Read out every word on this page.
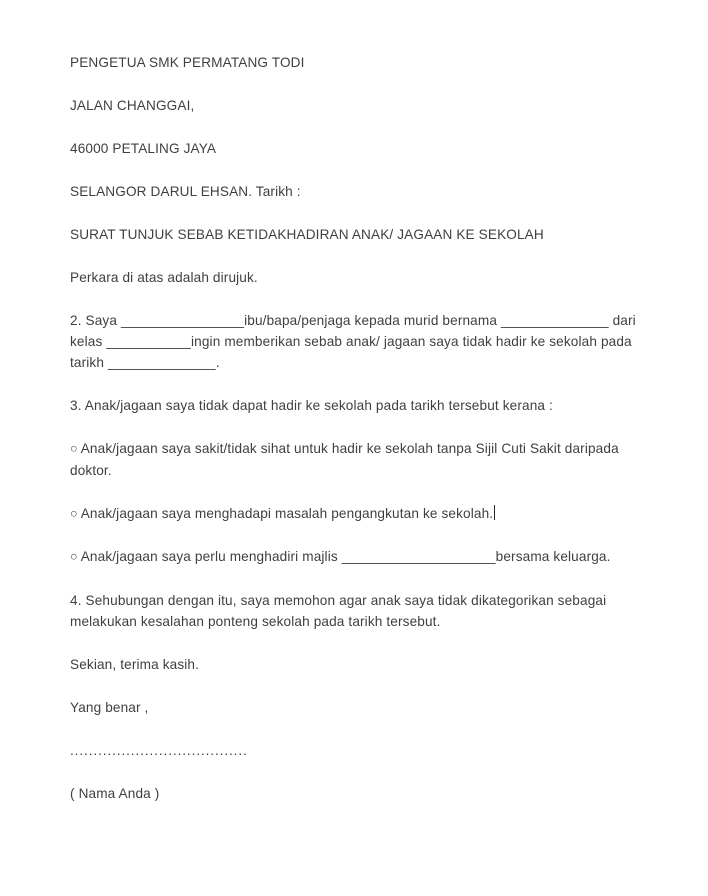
PENGETUA SMK PERMATANG TODI
JALAN CHANGGAI,
46000 PETALING JAYA
SELANGOR DARUL EHSAN. Tarikh :
SURAT TUNJUK SEBAB KETIDAKHADIRAN ANAK/ JAGAAN KE SEKOLAH
Perkara di atas adalah dirujuk.
2. Saya ________________ibu/bapa/penjaga kepada murid bernama ______________ dari kelas ___________ingin memberikan sebab anak/ jagaan saya tidak hadir ke sekolah pada tarikh ______________.
3. Anak/jagaan saya tidak dapat hadir ke sekolah pada tarikh tersebut kerana :
○ Anak/jagaan saya sakit/tidak sihat untuk hadir ke sekolah tanpa Sijil Cuti Sakit daripada doktor.
○ Anak/jagaan saya menghadapi masalah pengangkutan ke sekolah.
○ Anak/jagaan saya perlu menghadiri majlis ____________________bersama keluarga.
4. Sehubungan dengan itu, saya memohon agar anak saya tidak dikategorikan sebagai melakukan kesalahan ponteng sekolah pada tarikh tersebut.
Sekian, terima kasih.
Yang benar ,
......................................
( Nama Anda )
